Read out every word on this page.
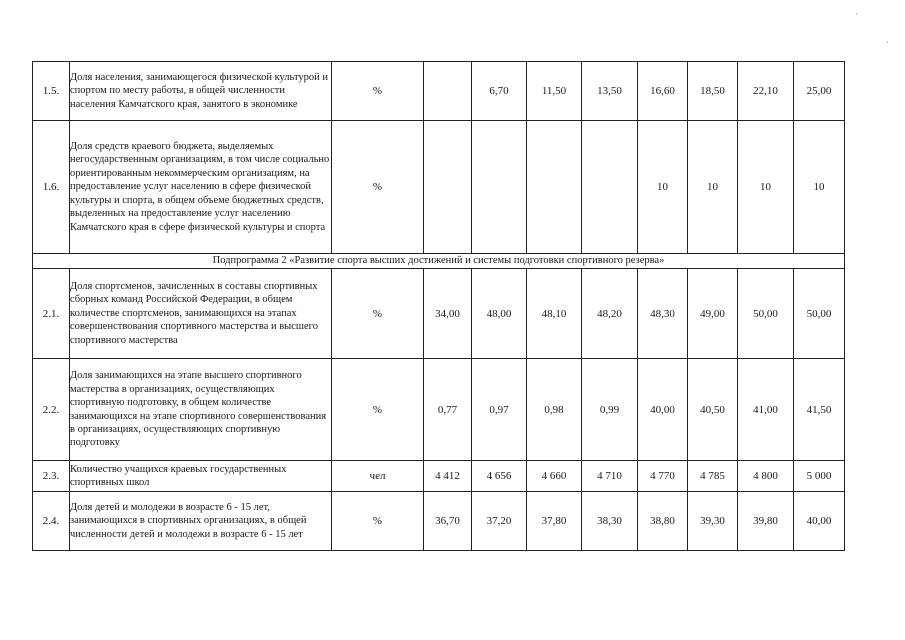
1.5.	Доля населения, занимающегося физической культурой и спортом по месту работы, в общей численности населения Камчатского края, занятого в экономике	%		6,70	11,50	13,50	16,60	18,50	22,10	25,00
1.6.	Доля средств краевого бюджета, выделяемых негосударственным организациям, в том числе социально ориентированным некоммерческим организациям, на предоставление услуг населению в сфере физической культуры и спорта, в общем объеме бюджетных средств, выделенных на предоставление услуг населению Камчатского края в сфере физической культуры и спорта	%					10	10	10	10
Подпрограмма 2 «Развитие спорта высших достижений и системы подготовки спортивного резерва»										
2.1.	Доля спортсменов, зачисленных в составы спортивных сборных команд Российской Федерации, в общем количестве спортсменов, занимающихся на этапах совершенствования спортивного мастерства и высшего спортивного мастерства	%	34,00	48,00	48,10	48,20	48,30	49,00	50,00	50,00
2.2.	Доля занимающихся на этапе высшего спортивного мастерства в организациях, осуществляющих спортивную подготовку, в общем количестве занимающихся на этапе спортивного совершенствования в организациях, осуществляющих спортивную подготовку	%	0,77	0,97	0,98	0,99	40,00	40,50	41,00	41,50
2.3.	Количество учащихся краевых государственных спортивных школ	чел	4 412	4 656	4 660	4 710	4 770	4 785	4 800	5 000
2.4.	Доля детей и молодежи в возрасте 6 - 15 лет, занимающихся в спортивных организациях, в общей численности детей и молодежи в возрасте 6 - 15 лет	%	36,70	37,20	37,80	38,30	38,80	39,30	39,80	40,00
·
·
